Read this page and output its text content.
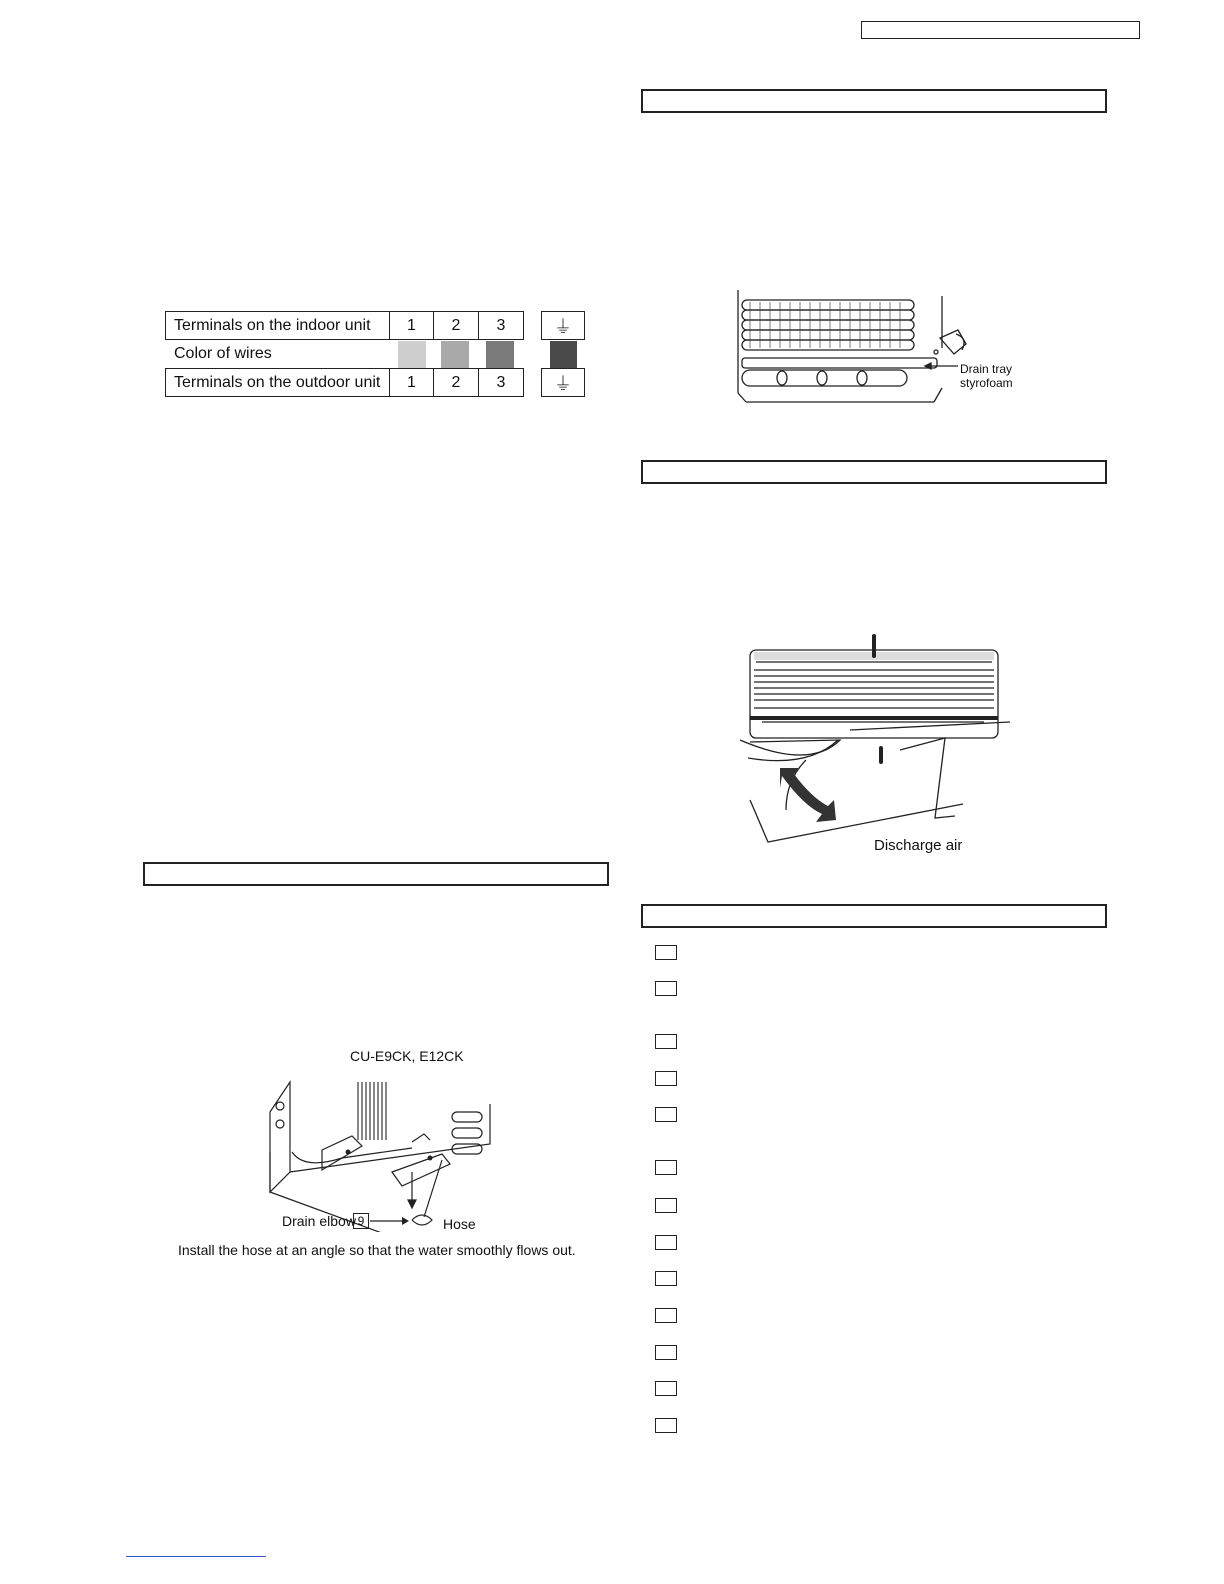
Terminals on the indoor unit	1	2	3	⏚
Color of wires
Terminals on the outdoor unit	1	2	3	⏚
Drain tray
styrofoam
Discharge air
CU-E9CK, E12CK
Drain elbow 9	Hose
Install the hose at an angle so that the water smoothly flows out.
